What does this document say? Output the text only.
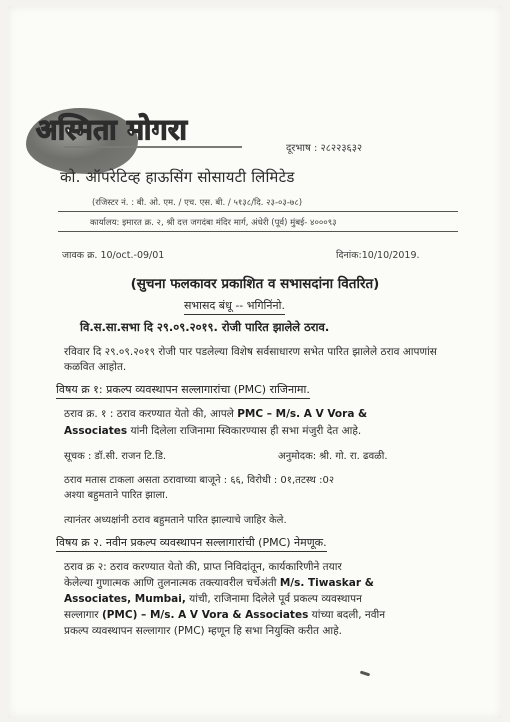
अस्मिता मोगरा
दूरभाष : २८२२३६३२
को. ऑपरेटिव्ह हाऊसिंग सोसायटी लिमिटेड
(रजिस्टर नं. : बी. ओ. एम. / एच. एस. बी. / ५१३८/दि. २३-०३-७८)
कार्यालय: इमारत क्र. २, श्री दत्त जगदंबा मंदिर मार्ग, अंधेरी (पूर्व) मुंबई- ४०००९३
जावक क्र. 10/oct.-09/01	दिनांक:10/10/2019.
(सुचना फलकावर प्रकाशित व सभासदांना वितरित)
सभासद बंधू -- भगिनिंनो.
वि.स.सा.सभा दि २९.०९.२०१९. रोजी पारित झालेले ठराव.
रविवार दि २९.०९.२०१९ रोजी पार पडलेल्या विशेष सर्वसाधारण सभेत पारित झालेले ठराव आपणांस कळवित आहोत.
विषय क्र १: प्रकल्प व्यवस्थापन सल्लागारांचा (PMC) राजिनामा.
ठराव क्र. १ : ठराव करण्यात येतो की, आपले PMC – M/s. A V Vora &
Associates यांनी दिलेला राजिनामा स्विकारण्यास ही सभा मंजुरी देत आहे.
सूचक : डॉ.सी. राजन टि.डि.	अनुमोदक: श्री. गो. रा. ढवळी.
ठराव मतास टाकला असता ठरावाच्या बाजूने : ६६, विरोधी : 0१,तटस्थ :0२
अश्या बहुमताने पारित झाला.
त्यानंतर अध्यक्षांनी ठराव बहुमताने पारित झाल्याचे जाहिर केले.
विषय क्र २. नवीन प्रकल्प व्यवस्थापन सल्लागारांची (PMC) नेमणूक.
ठराव क्र २: ठराव करण्यात येतो की, प्राप्त निविदांतून, कार्यकारिणीने तयार
केलेल्या गुणात्मक आणि तुलनात्मक तक्त्यावरील चर्चेअंती M/s. Tiwaskar &
Associates, Mumbai, यांची, राजिनामा दिलेले पूर्व प्रकल्प व्यवस्थापन
सल्लागार (PMC) – M/s. A V Vora & Associates यांच्या बदली, नवीन
प्रकल्प व्यवस्थापन सल्लागार (PMC) म्हणून हि सभा नियुक्ति करीत आहे.
